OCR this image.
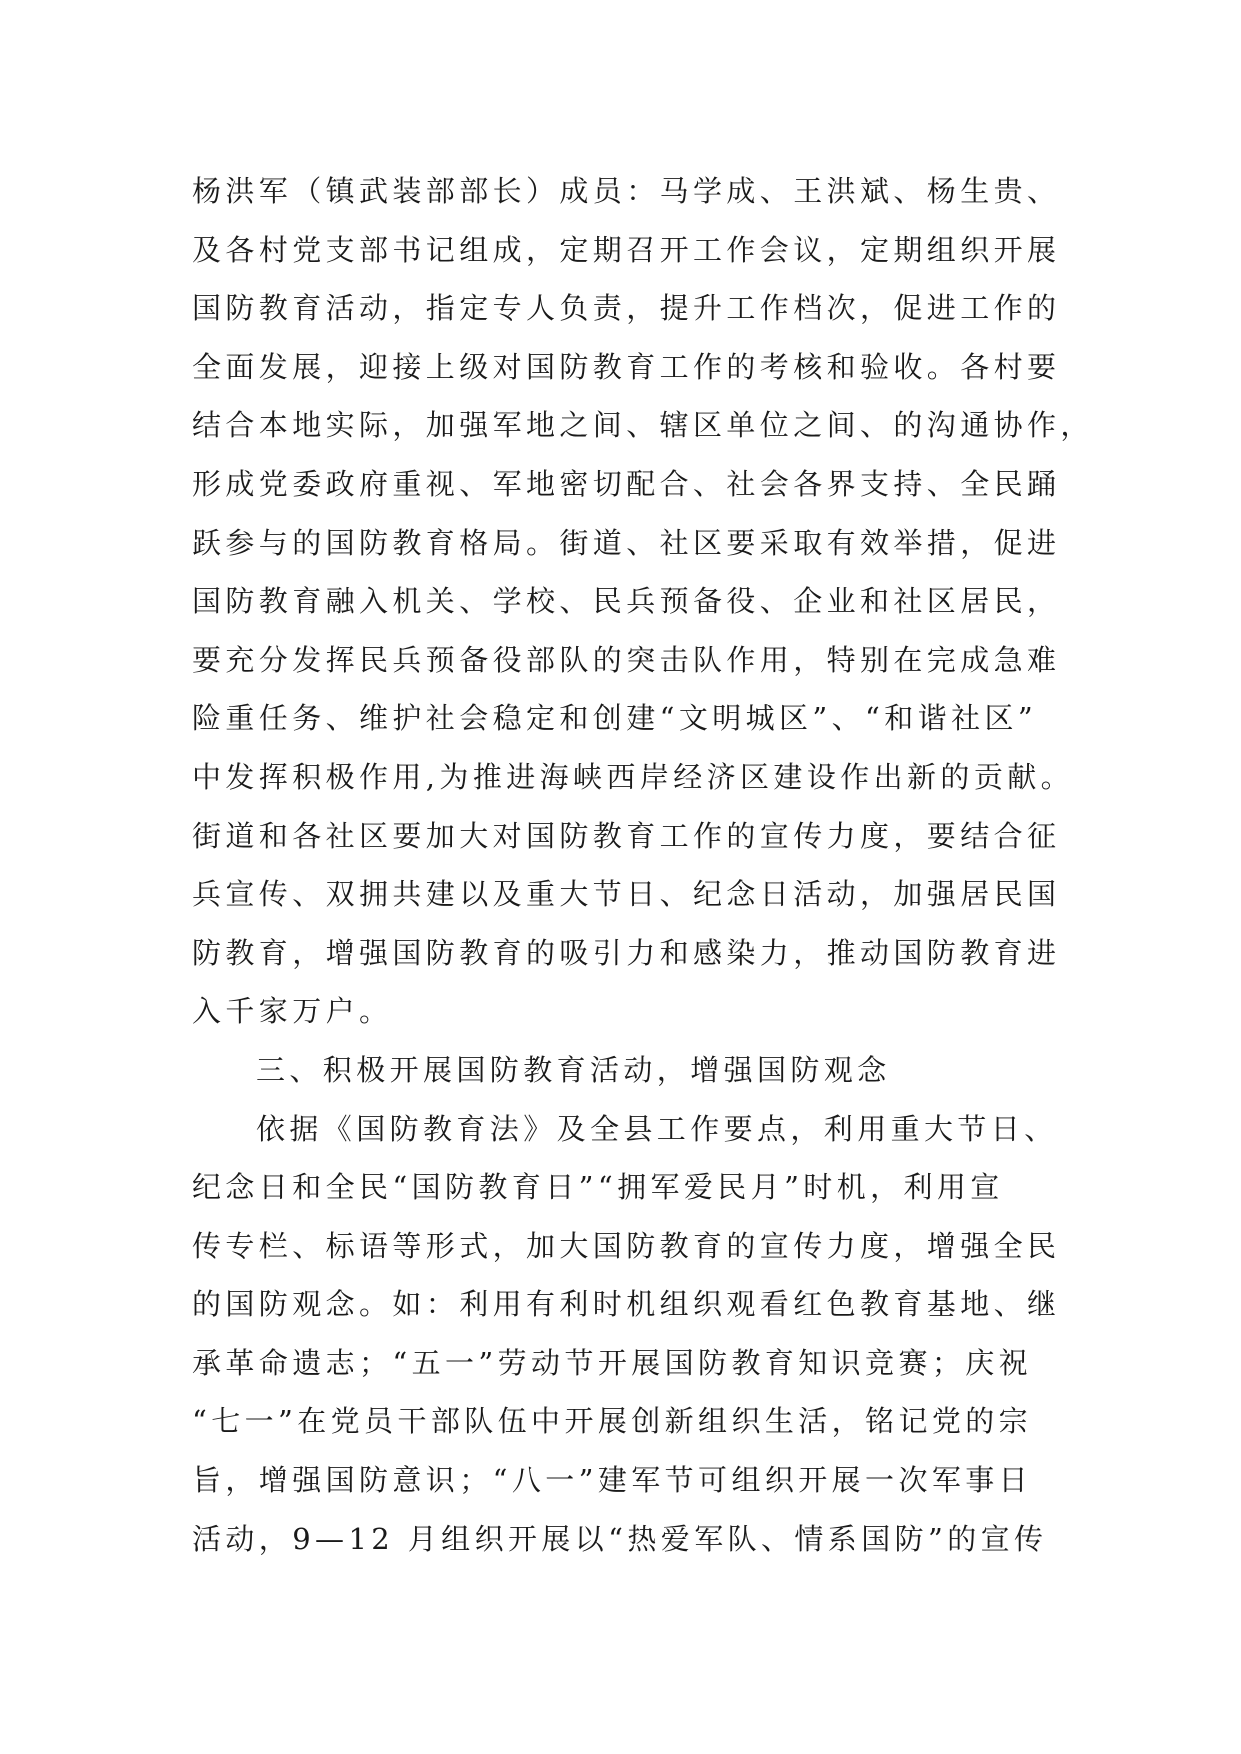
杨洪军（镇武装部部长）成员：马学成、王洪斌、杨生贵、
及各村党支部书记组成，定期召开工作会议，定期组织开展
国防教育活动，指定专人负责，提升工作档次，促进工作的
全面发展，迎接上级对国防教育工作的考核和验收。各村要
结合本地实际，加强军地之间、辖区单位之间、的沟通协作，
形成党委政府重视、军地密切配合、社会各界支持、全民踊
跃参与的国防教育格局。街道、社区要采取有效举措，促进
国防教育融入机关、学校、民兵预备役、企业和社区居民，
要充分发挥民兵预备役部队的突击队作用，特别在完成急难
险重任务、维护社会稳定和创建“文明城区”、“和谐社区”
中发挥积极作用,为推进海峡西岸经济区建设作出新的贡献。
街道和各社区要加大对国防教育工作的宣传力度，要结合征
兵宣传、双拥共建以及重大节日、纪念日活动，加强居民国
防教育，增强国防教育的吸引力和感染力，推动国防教育进
入千家万户。
三、积极开展国防教育活动，增强国防观念
依据《国防教育法》及全县工作要点，利用重大节日、
纪念日和全民“国防教育日”“拥军爱民月”时机，利用宣
传专栏、标语等形式，加大国防教育的宣传力度，增强全民
的国防观念。如：利用有利时机组织观看红色教育基地、继
承革命遗志；“五一”劳动节开展国防教育知识竞赛；庆祝
“七一”在党员干部队伍中开展创新组织生活，铭记党的宗
旨，增强国防意识；“八一”建军节可组织开展一次军事日
活动，9—12 月组织开展以“热爱军队、情系国防”的宣传
